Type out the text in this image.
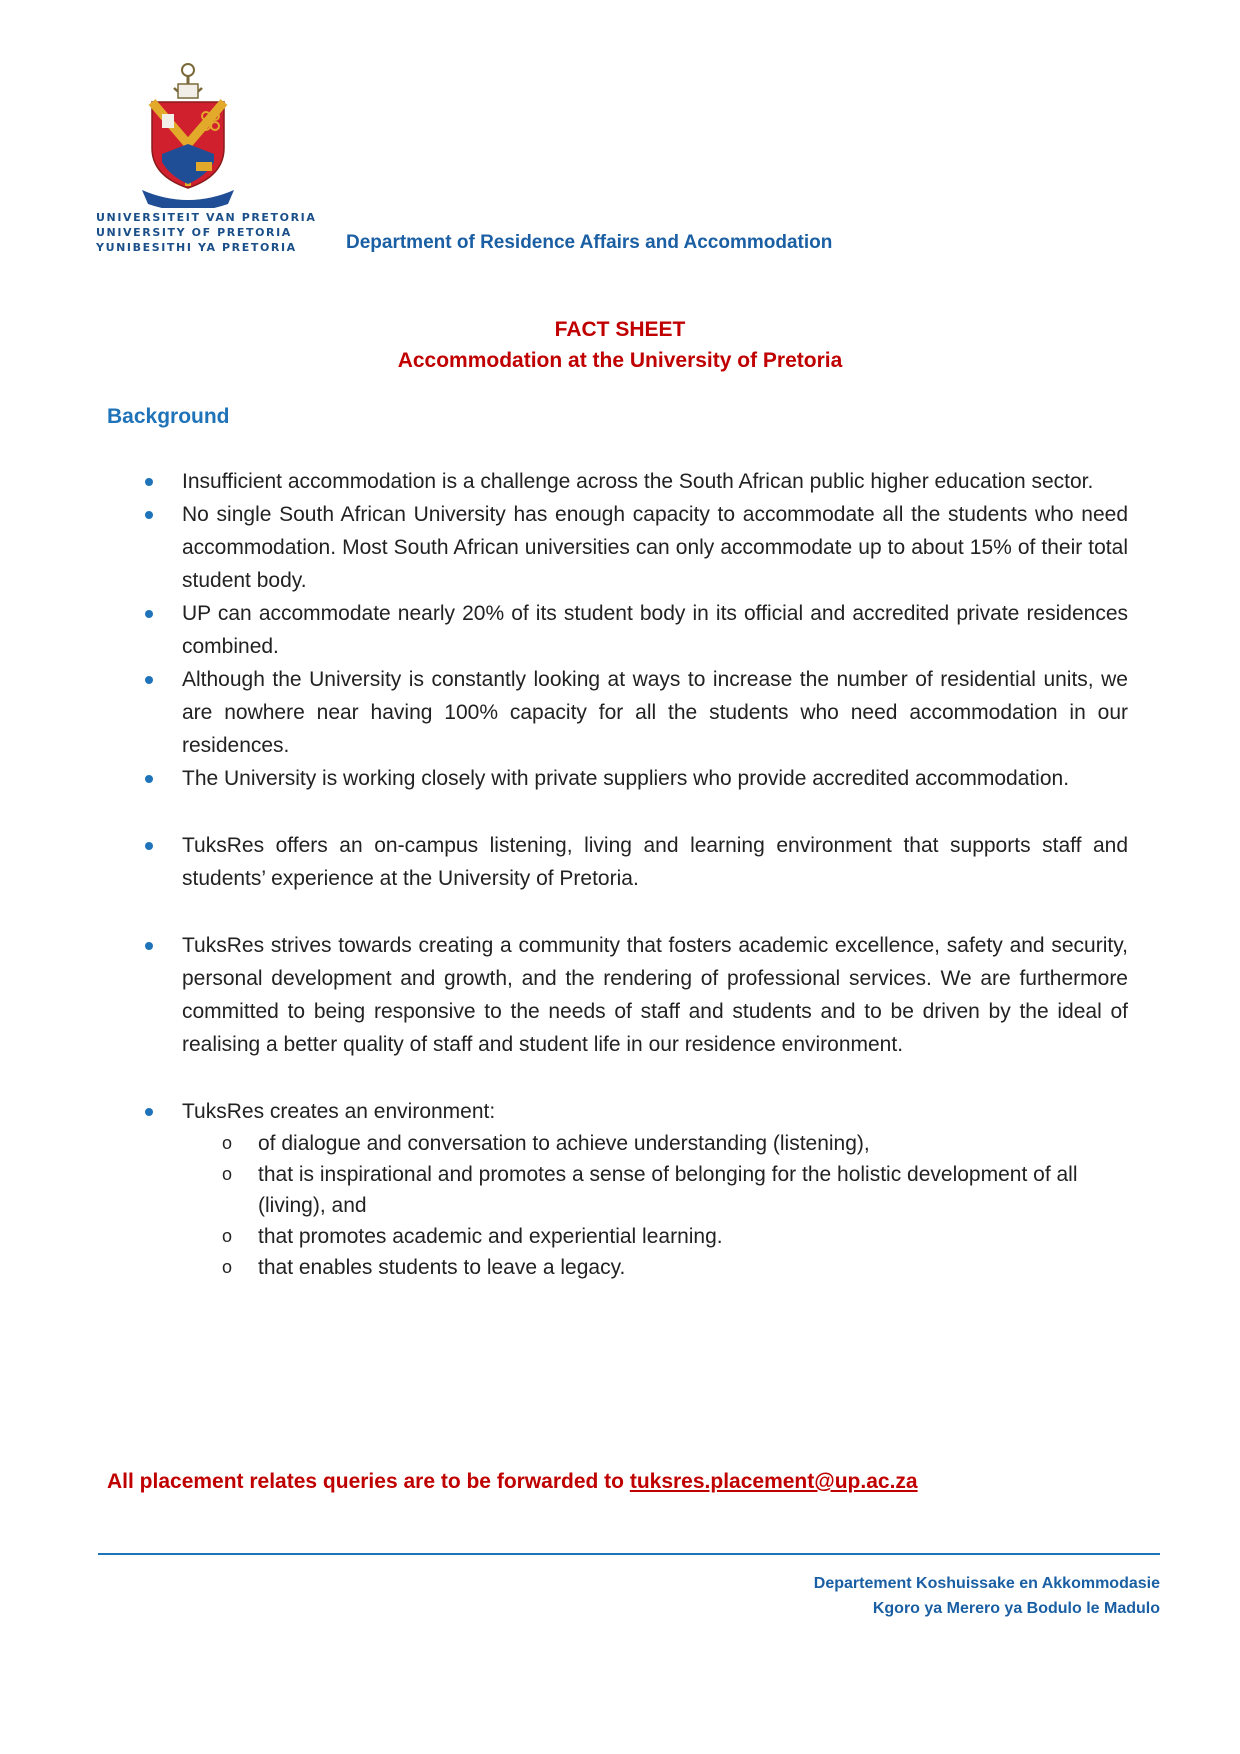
UNIVERSITEIT VAN PRETORIA
UNIVERSITY OF PRETORIA
YUNIBESITHI YA PRETORIA	Department of Residence Affairs and Accommodation
FACT SHEET
Accommodation at the University of Pretoria
Background
Insufficient accommodation is a challenge across the South African public higher education sector.
No single South African University has enough capacity to accommodate all the students who need accommodation. Most South African universities can only accommodate up to about 15% of their total student body.
UP can accommodate nearly 20% of its student body in its official and accredited private residences combined.
Although the University is constantly looking at ways to increase the number of residential units, we are nowhere near having 100% capacity for all the students who need accommodation in our residences.
The University is working closely with private suppliers who provide accredited accommodation.
TuksRes offers an on-campus listening, living and learning environment that supports staff and students’ experience at the University of Pretoria.
TuksRes strives towards creating a community that fosters academic excellence, safety and security, personal development and growth, and the rendering of professional services. We are furthermore committed to being responsive to the needs of staff and students and to be driven by the ideal of realising a better quality of staff and student life in our residence environment.
TuksRes creates an environment:
o of dialogue and conversation to achieve understanding (listening),
o that is inspirational and promotes a sense of belonging for the holistic development of all (living), and
o that promotes academic and experiential learning.
o that enables students to leave a legacy.
All placement relates queries are to be forwarded to tuksres.placement@up.ac.za
Departement Koshuissake en Akkommodasie
Kgoro ya Merero ya Bodulo le Madulo
